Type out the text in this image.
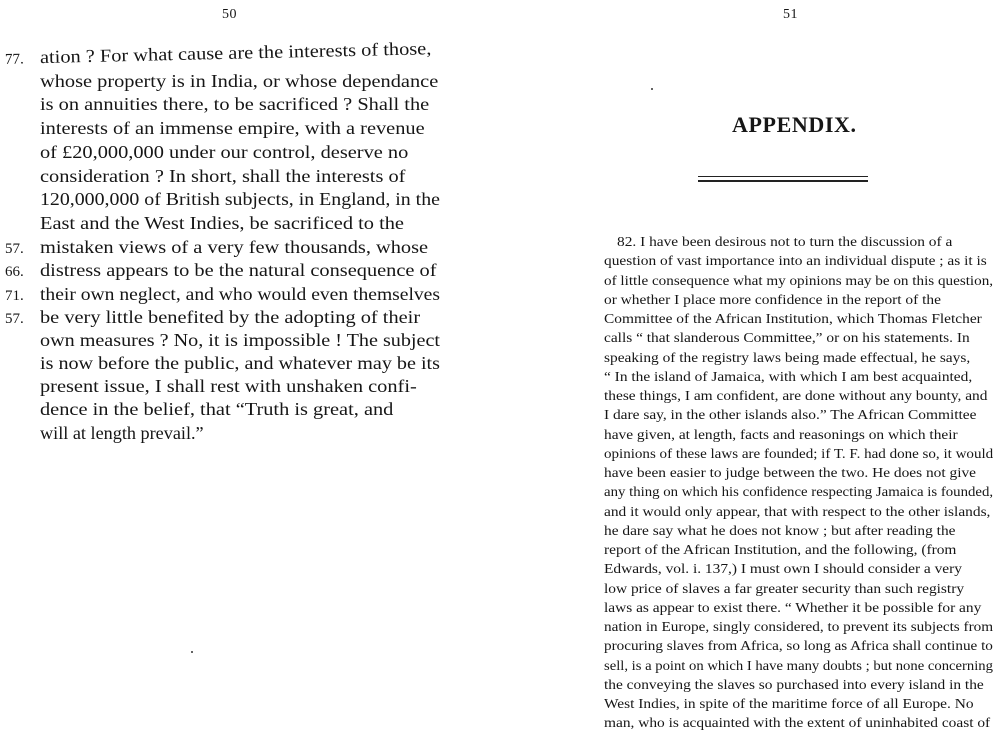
50
77. ation ? For what cause are the interests of those,
whose property is in India, or whose dependance
is on annuities there, to be sacrificed ? Shall the
interests of an immense empire, with a revenue
of £20,000,000 under our control, deserve no
consideration ? In short, shall the interests of
120,000,000 of British subjects, in England, in the
East and the West Indies, be sacrificed to the
57. mistaken views of a very few thousands, whose
66. distress appears to be the natural consequence of
71. their own neglect, and who would even themselves
57. be very little benefited by the adopting of their
own measures ? No, it is impossible ! The subject
is now before the public, and whatever may be its
present issue, I shall rest with unshaken confi-
dence in the belief, that “Truth is great, and
will at length prevail.”
51
APPENDIX.
82. I have been desirous not to turn the discussion of a
question of vast importance into an individual dispute ; as it is
of little consequence what my opinions may be on this question,
or whether I place more confidence in the report of the
Committee of the African Institution, which Thomas Fletcher
calls “ that slanderous Committee,” or on his statements. In
speaking of the registry laws being made effectual, he says,
“ In the island of Jamaica, with which I am best acquainted,
these things, I am confident, are done without any bounty, and
I dare say, in the other islands also.” The African Committee
have given, at length, facts and reasonings on which their
opinions of these laws are founded; if T. F. had done so, it would
have been easier to judge between the two. He does not give
any thing on which his confidence respecting Jamaica is founded,
and it would only appear, that with respect to the other islands,
he dare say what he does not know ; but after reading the
report of the African Institution, and the following, (from
Edwards, vol. i. 137,) I must own I should consider a very
low price of slaves a far greater security than such registry
laws as appear to exist there. “ Whether it be possible for any
nation in Europe, singly considered, to prevent its subjects from
procuring slaves from Africa, so long as Africa shall continue to
sell, is a point on which I have many doubts ; but none concerning
the conveying the slaves so purchased into every island in the
West Indies, in spite of the maritime force of all Europe. No
man, who is acquainted with the extent of uninhabited coast of
